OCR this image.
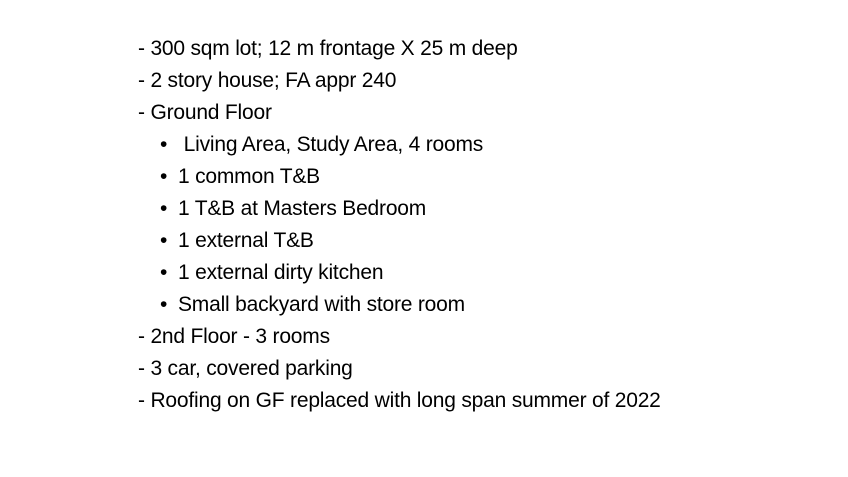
- 300 sqm lot; 12 m frontage X 25 m deep
- 2 story house; FA appr 240
- Ground Floor
• Living Area, Study Area, 4 rooms
• 1 common T&B
• 1 T&B at Masters Bedroom
• 1 external T&B
• 1 external dirty kitchen
• Small backyard with store room
- 2nd Floor - 3 rooms
- 3 car, covered parking
- Roofing on GF replaced with long span summer of 2022
